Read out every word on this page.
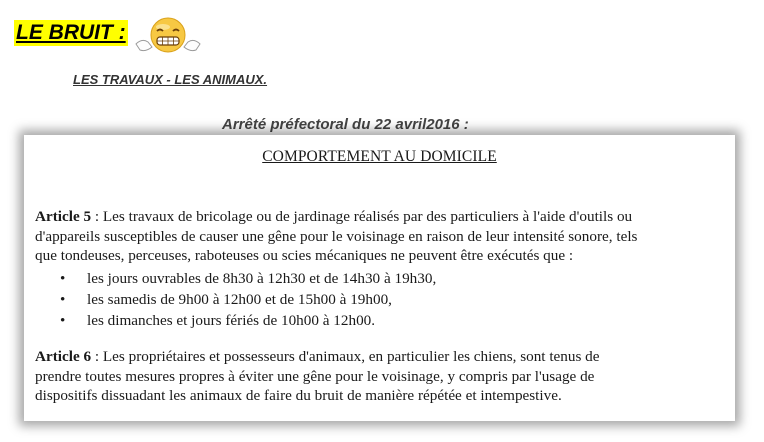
LE BRUIT :
LES TRAVAUX - LES ANIMAUX.
Arrêté préfectoral du 22 avril2016 :
COMPORTEMENT AU DOMICILE
Article 5 : Les travaux de bricolage ou de jardinage réalisés par des particuliers à l'aide d'outils ou
d'appareils susceptibles de causer une gêne pour le voisinage en raison de leur intensité sonore, tels
que tondeuses, perceuses, raboteuses ou scies mécaniques ne peuvent être exécutés que :
• les jours ouvrables de 8h30 à 12h30 et de 14h30 à 19h30,
• les samedis de 9h00 à 12h00 et de 15h00 à 19h00,
• les dimanches et jours fériés de 10h00 à 12h00.
Article 6 : Les propriétaires et possesseurs d'animaux, en particulier les chiens, sont tenus de
prendre toutes mesures propres à éviter une gêne pour le voisinage, y compris par l'usage de
dispositifs dissuadant les animaux de faire du bruit de manière répétée et intempestive.
